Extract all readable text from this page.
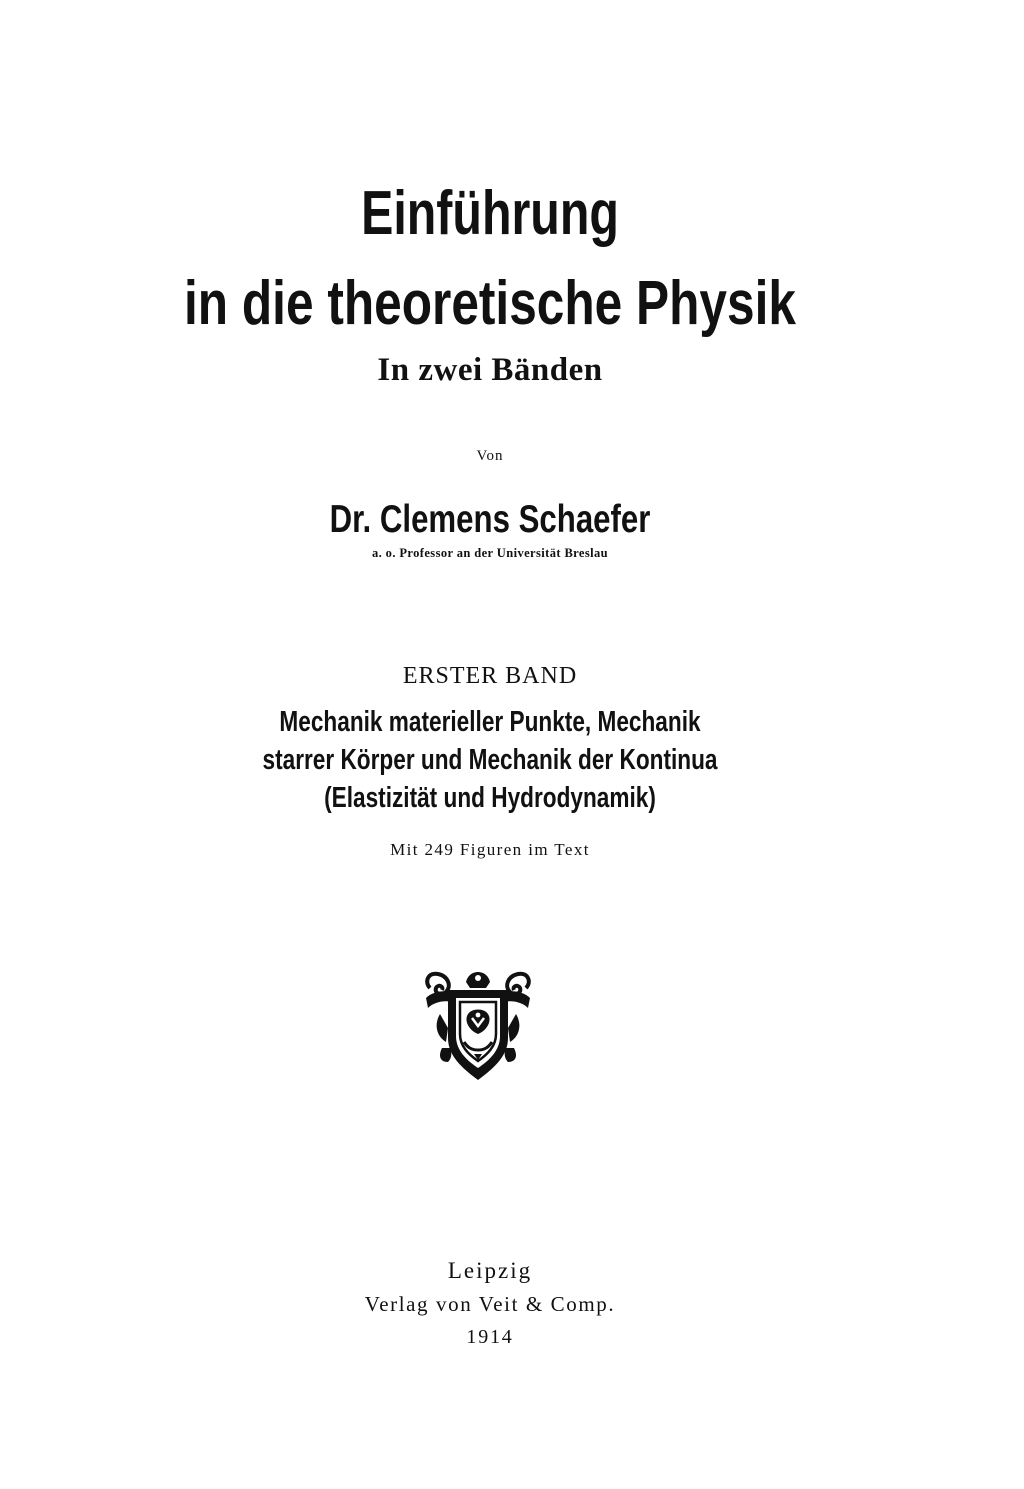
Einführung
in die theoretische Physik
In zwei Bänden
Von
Dr. Clemens Schaefer
a. o. Professor an der Universität Breslau
ERSTER BAND
Mechanik materieller Punkte, Mechanik
starrer Körper und Mechanik der Kontinua
(Elastizität und Hydrodynamik)
Mit 249 Figuren im Text
Leipzig
Verlag von Veit & Comp.
1914
